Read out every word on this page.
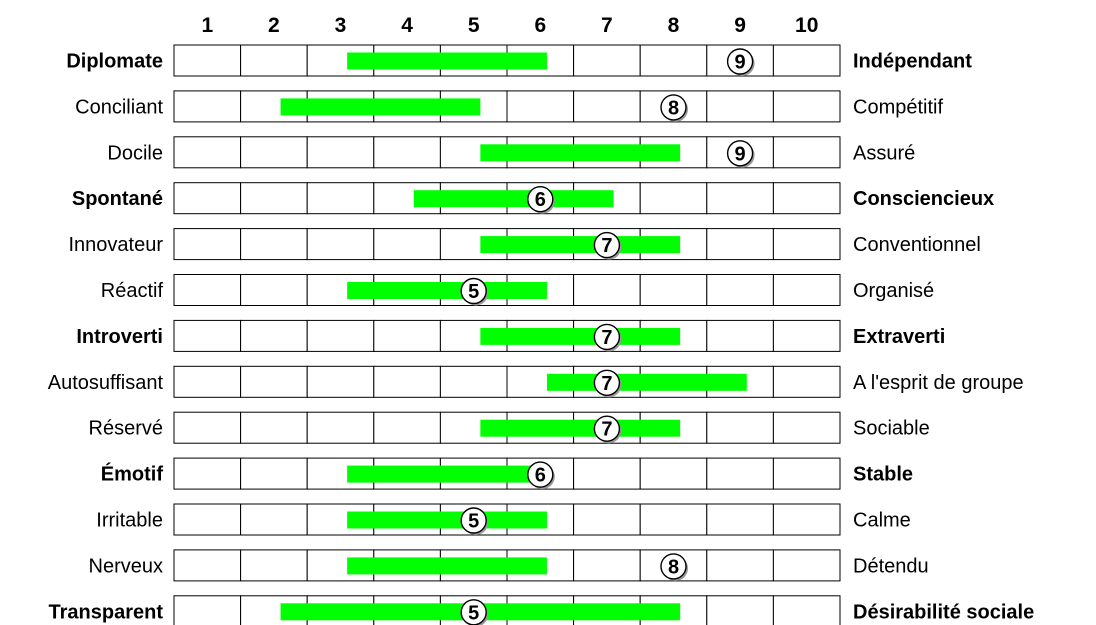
1	2	3	4	5	6	7	8	9 10
9
Diplomate	Indépendant
8
Conciliant	Compétitif
9
Docile	Assuré
6
Spontané	Consciencieux
7
Innovateur	Conventionnel
5
Réactif	Organisé
7
Introverti	Extraverti
7
Autosuffisant	A l'esprit de groupe
7
Réservé	Sociable
6
Émotif	Stable
5
Irritable	Calme
8
Nerveux	Détendu
5
Transparent	Désirabilité sociale
